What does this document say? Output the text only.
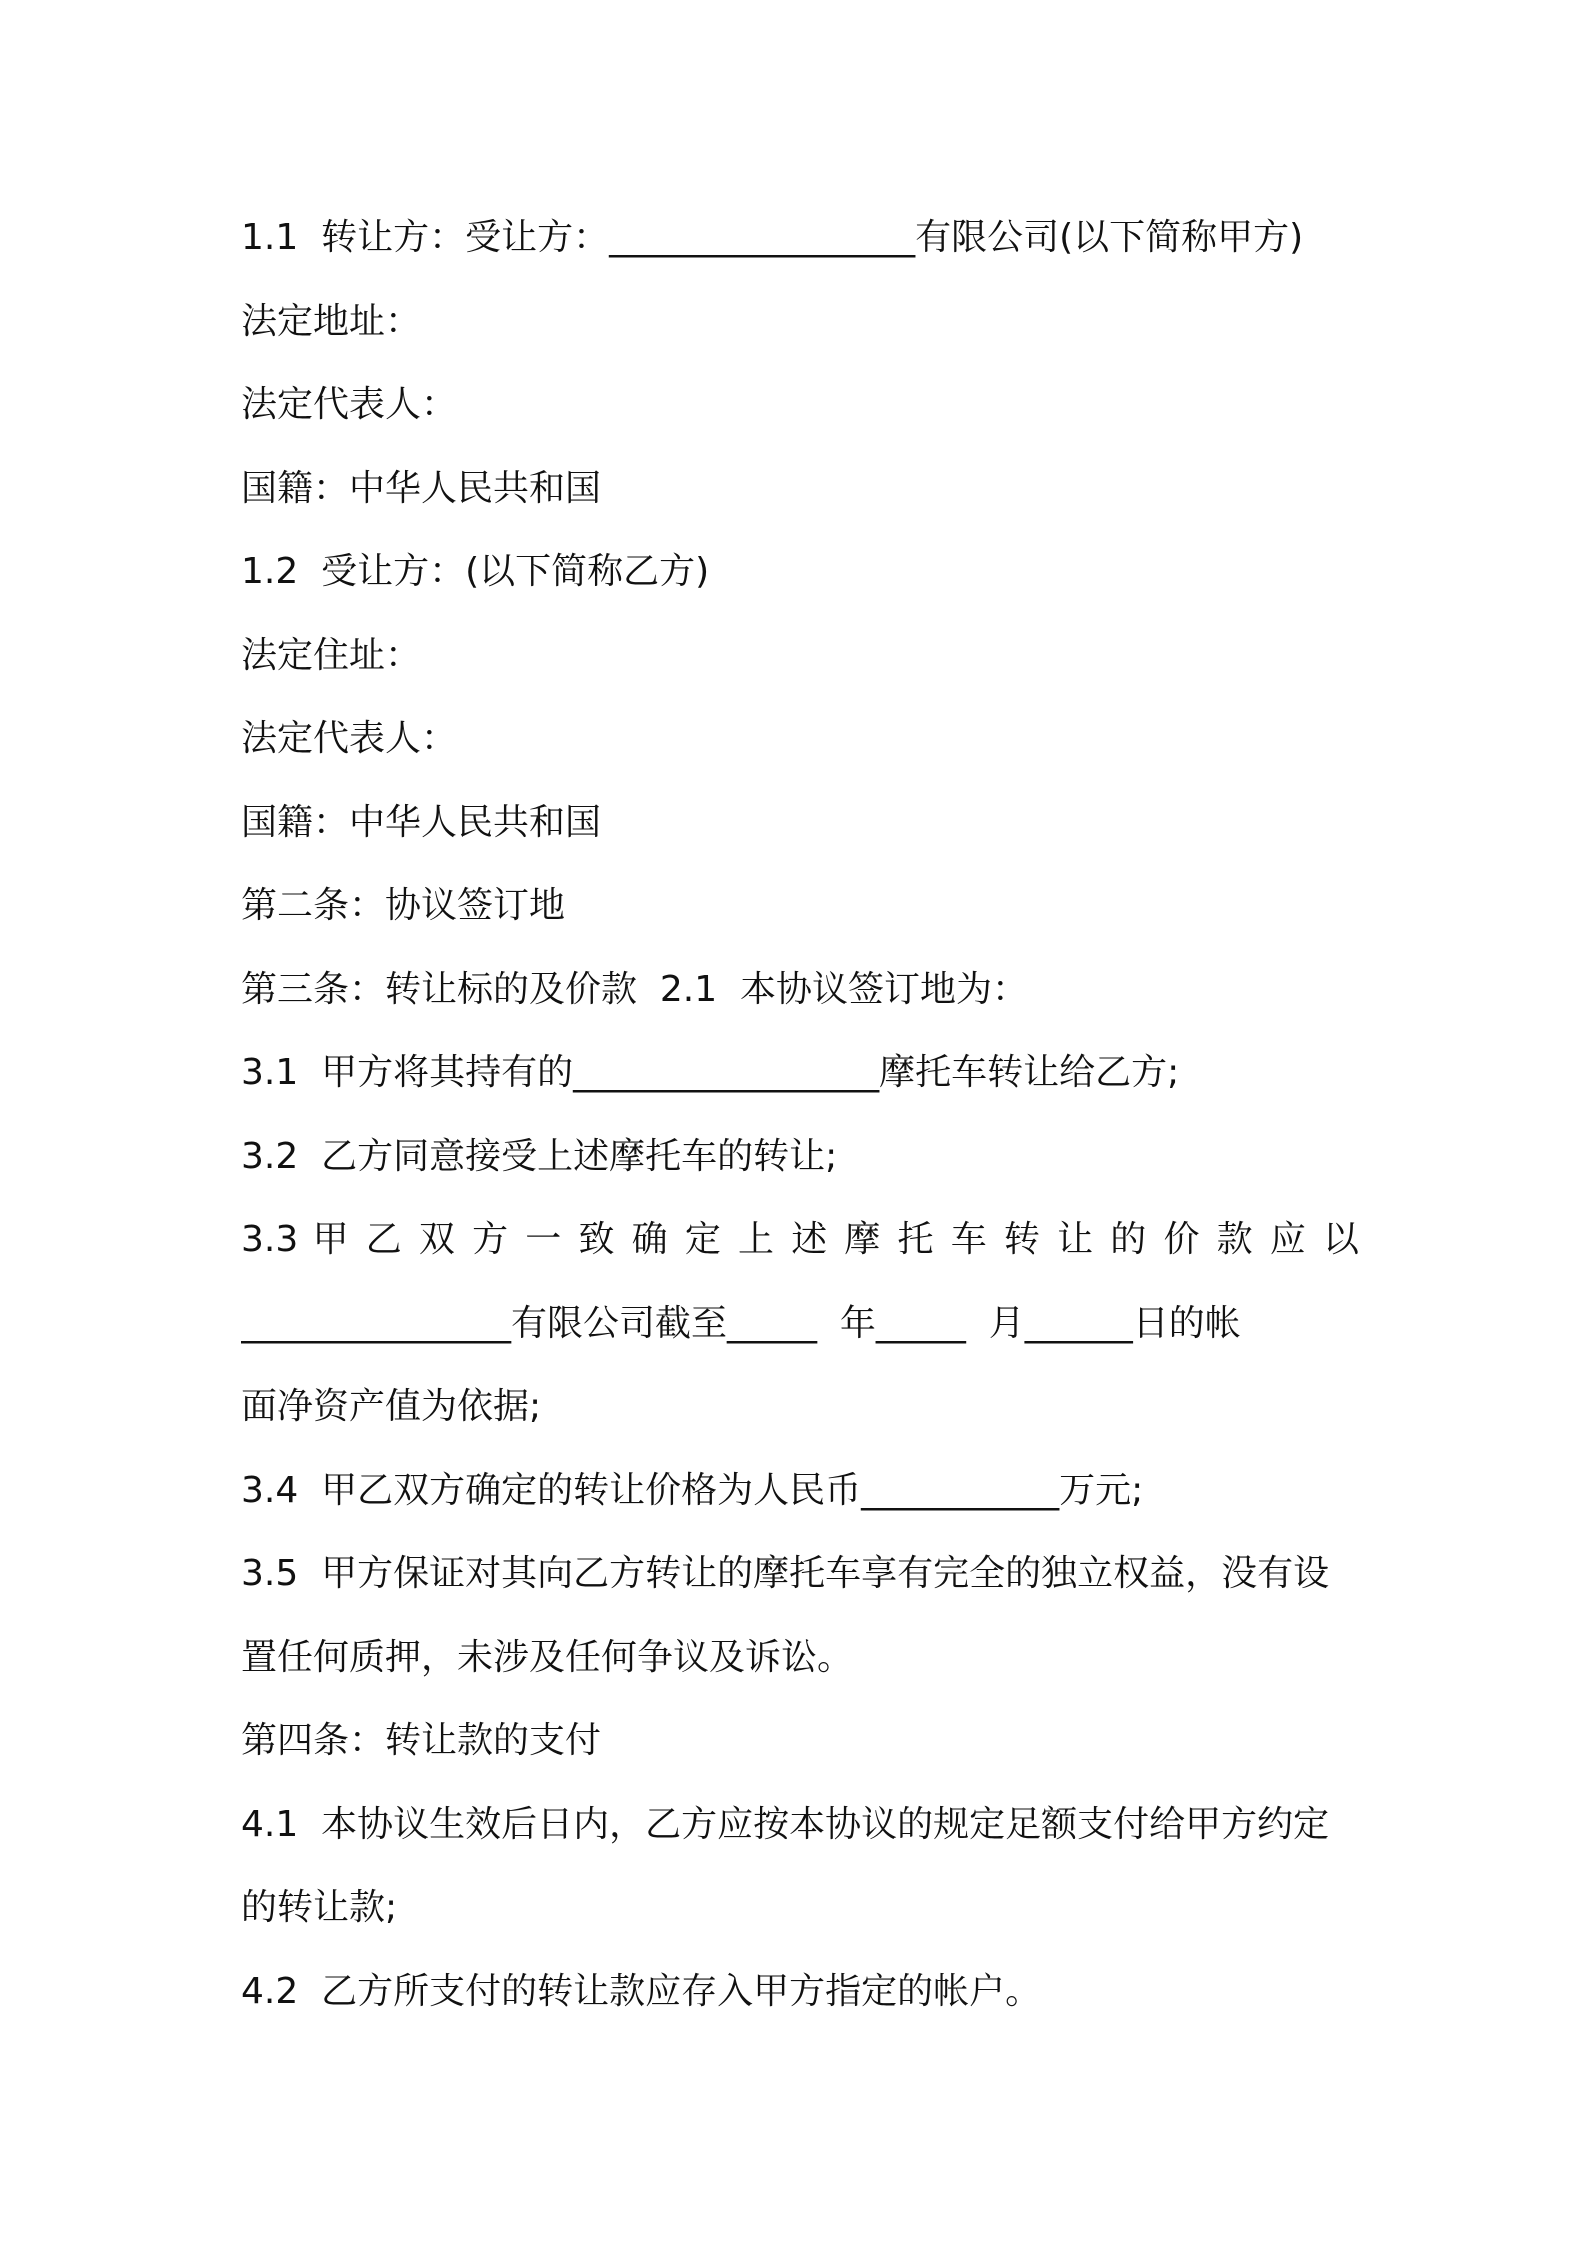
1.1  转让方：受让方：_________________有限公司(以下简称甲方)
法定地址：
法定代表人：
国籍：中华人民共和国
1.2  受让方：(以下简称乙方)
法定住址：
法定代表人：
国籍：中华人民共和国
第二条：协议签订地
第三条：转让标的及价款  2.1  本协议签订地为：
3.1  甲方将其持有的_________________摩托车转让给乙方;
3.2  乙方同意接受上述摩托车的转让;
3.3 甲 乙 双 方 一 致 确 定 上 述 摩 托 车 转 让 的 价 款 应 以
_______________有限公司截至_____  年_____  月______日的帐
面净资产值为依据;
3.4  甲乙双方确定的转让价格为人民币___________万元;
3.5  甲方保证对其向乙方转让的摩托车享有完全的独立权益，没有设
置任何质押，未涉及任何争议及诉讼。
第四条：转让款的支付
4.1  本协议生效后日内，乙方应按本协议的规定足额支付给甲方约定
的转让款;
4.2  乙方所支付的转让款应存入甲方指定的帐户。
